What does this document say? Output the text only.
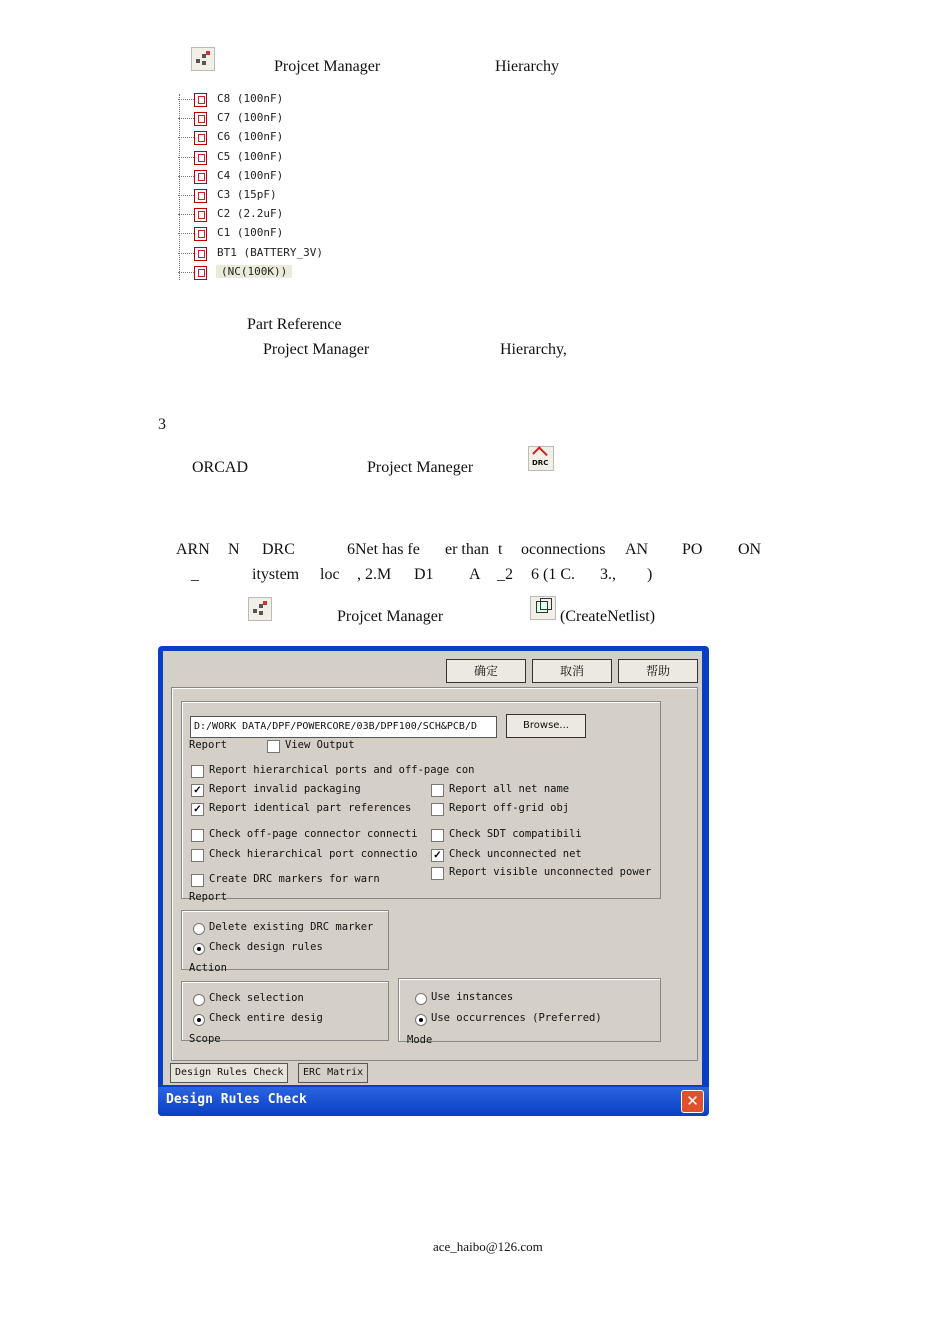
Projcet Manager	Hierarchy
C8 (100nF)
C7 (100nF)
C6 (100nF)
C5 (100nF)
C4 (100nF)
C3 (15pF)
C2 (2.2uF)
C1 (100nF)
BT1 (BATTERY_3V)
(NC(100K))
Part Reference
Project Manager	Hierarchy,
3
ORCAD	Project Maneger	DRC
ARN N DRC	6Net has fe er than t oconnections AN PO ON
_	itystem loc , 2.M D1 A _2 6 (1 C. 3., )
Projcet Manager	(CreateNetlist)
确定	取消	帮助
D:/WORK DATA/DPF/POWERCORE/03B/DPF100/SCH&PCB/D	Browse...
Report	View Output
Report hierarchical ports and off-page con
✓ Report invalid packaging
✓ Report identical part references
Check off-page connector connecti
Check hierarchical port connectio
Create DRC markers for warn
Report all net name
Report off-grid obj
Check SDT compatibili
✓ Check unconnected net
Report visible unconnected power
Report
Delete existing DRC marker
Check design rules
Action
Check selection
Check entire desig
Scope
Use instances
Use occurrences (Preferred)
Mode
Design Rules Check	ERC Matrix
Design Rules Check	✕
ace_haibo@126.com
